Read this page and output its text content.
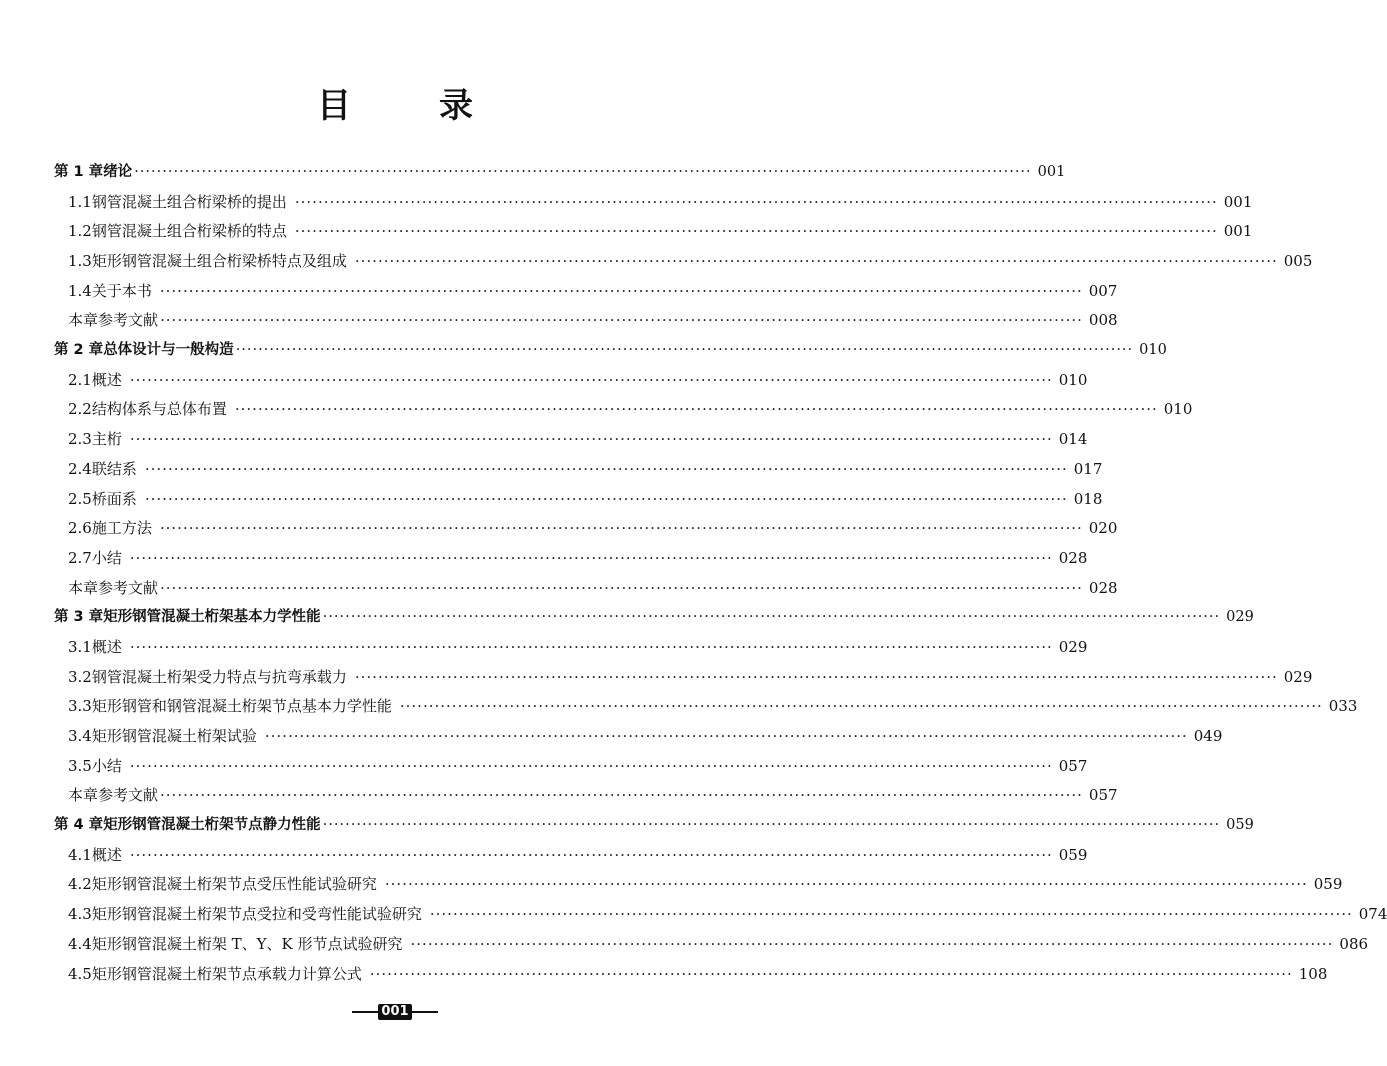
目	录
第 1 章 绪论 ································································································································································ 001
1.1 钢管混凝土组合桁梁桥的提出 ································································································································································ 001
1.2 钢管混凝土组合桁梁桥的特点 ································································································································································ 001
1.3 矩形钢管混凝土组合桁梁桥特点及组成 ································································································································································ 005
1.4 关于本书 ································································································································································ 007
本章参考文献 ································································································································································ 008
第 2 章 总体设计与一般构造 ································································································································································ 010
2.1 概述 ································································································································································ 010
2.2 结构体系与总体布置 ································································································································································ 010
2.3 主桁 ································································································································································ 014
2.4 联结系 ································································································································································ 017
2.5 桥面系 ································································································································································ 018
2.6 施工方法 ································································································································································ 020
2.7 小结 ································································································································································ 028
本章参考文献 ································································································································································ 028
第 3 章 矩形钢管混凝土桁架基本力学性能 ································································································································································ 029
3.1 概述 ································································································································································ 029
3.2 钢管混凝土桁架受力特点与抗弯承载力 ································································································································································ 029
3.3 矩形钢管和钢管混凝土桁架节点基本力学性能 ································································································································································ 033
3.4 矩形钢管混凝土桁架试验 ································································································································································ 049
3.5 小结 ································································································································································ 057
本章参考文献 ································································································································································ 057
第 4 章 矩形钢管混凝土桁架节点静力性能 ································································································································································ 059
4.1 概述 ································································································································································ 059
4.2 矩形钢管混凝土桁架节点受压性能试验研究 ································································································································································ 059
4.3 矩形钢管混凝土桁架节点受拉和受弯性能试验研究 ································································································································································ 074
4.4 矩形钢管混凝土桁架 T、Y、K 形节点试验研究 ································································································································································ 086
4.5 矩形钢管混凝土桁架节点承载力计算公式 ································································································································································ 108
001
